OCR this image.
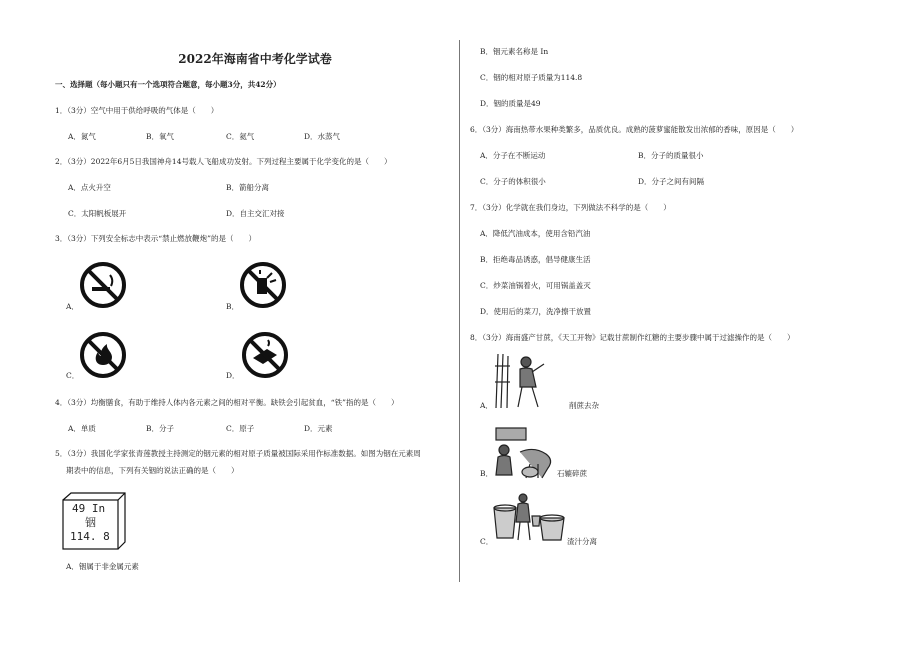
2022年海南省中考化学试卷
一、选择题（每小题只有一个选项符合题意，每小题3分，共42分）
1．（3分）空气中用于供给呼吸的气体是（　　）
A．氮气	B．氧气	C．氦气	D．水蒸气
2．（3分）2022年6月5日我国神舟14号载人飞船成功发射。下列过程主要属于化学变化的是（　　）
A．点火升空	B．箭船分离
C．太阳帆板展开	D．自主交汇对接
3．（3分）下列安全标志中表示“禁止燃放鞭炮”的是（　　）
A．	B．
C．	D．
4．（3分）均衡膳食，有助于维持人体内各元素之间的相对平衡。缺铁会引起贫血，“铁”指的是（　　）
A．单质	B．分子	C．原子	D．元素
5．（3分）我国化学家张青莲教授主持测定的铟元素的相对原子质量被国际采用作标准数据。如图为铟在元素周
期表中的信息，下列有关铟的说法正确的是（　　）
49 In
铟
114. 8
A．铟属于非金属元素
B．铟元素名称是 In
C．铟的相对原子质量为114.8
D．铟的质量是49
6．（3分）海南热带水果种类繁多，品质优良。成熟的菠萝蜜能散发出浓郁的香味，原因是（　　）
A．分子在不断运动	B．分子的质量很小
C．分子的体积很小	D．分子之间有间隔
7．（3分）化学就在我们身边，下列做法不科学的是（　　）
A．降低汽油成本，使用含铅汽油
B．拒绝毒品诱惑，倡导健康生活
C．炒菜油锅着火，可用锅盖盖灭
D．使用后的菜刀，洗净擦干放置
8．（3分）海南盛产甘蔗，《天工开物》记载甘蔗制作红糖的主要步骤中属于过滤操作的是（　　）
A．	削蔗去杂
B．	石辘碎蔗
C．	渣汁分离
